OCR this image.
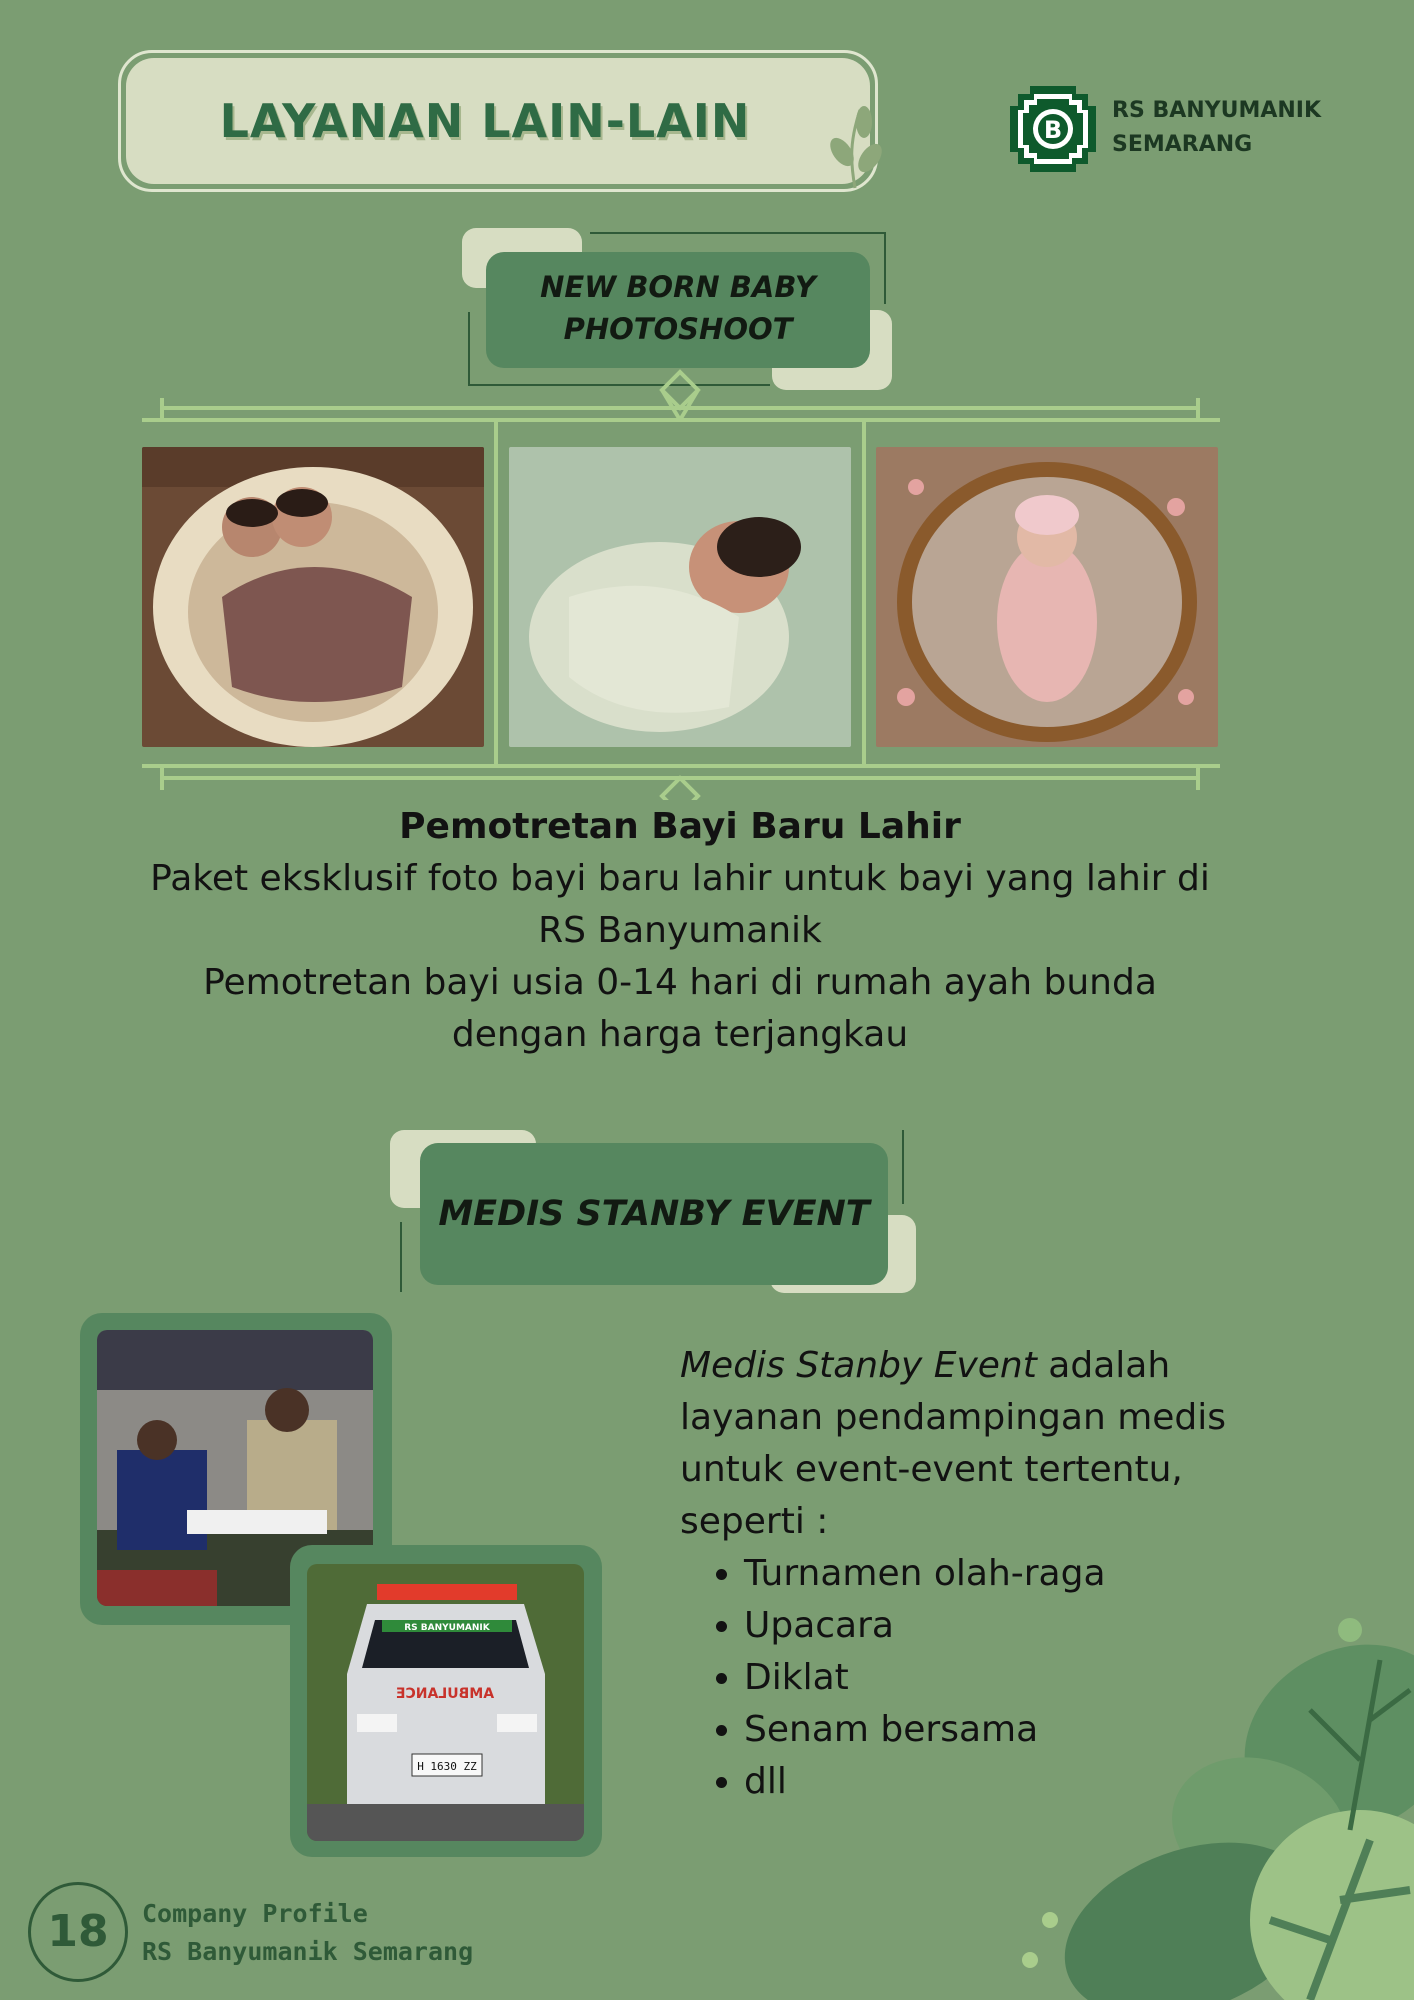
LAYANAN LAIN-LAIN	B
RS BANYUMANIK
SEMARANG
NEW BORN BABY
PHOTOSHOOT
Pemotretan Bayi Baru Lahir
Paket eksklusif foto bayi baru lahir untuk bayi yang lahir di
RS Banyumanik
Pemotretan bayi usia 0-14 hari di rumah ayah bunda
dengan harga terjangkau
MEDIS STANBY EVENT
RS BANYUMANIK
AMBULANCE
H 1630 ZZ
Medis Stanby Event adalah layanan pendampingan medis untuk event-event tertentu, seperti :
• Turnamen olah-raga
• Upacara
• Diklat
• Senam bersama
• dll
18	Company Profile
RS Banyumanik Semarang
